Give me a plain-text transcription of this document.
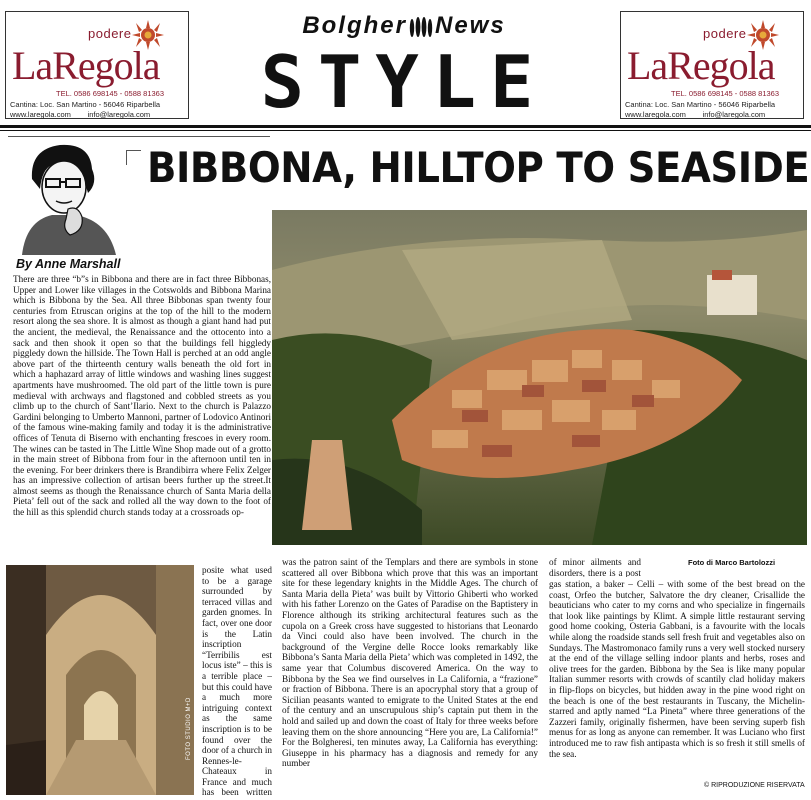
podere
LaRegola
TEL. 0586 698145 - 0588 81363
Cantina: Loc. San Martino - 56046 Riparbella
www.laregola.com info@laregola.com
podere
LaRegola
TEL. 0586 698145 - 0588 81363
Cantina: Loc. San Martino - 56046 Riparbella
www.laregola.com info@laregola.com
Bolgher News
STYLE
BIBBONA, HILLTOP TO SEASIDE
By Anne Marshall
Foto di Marco Bartolozzi

There are three “b”s in Bibbona and there are in fact three Bibbonas, Upper and Lower like villages in the Cotswolds and Bibbona Marina which is Bibbona by the Sea. All three Bibbonas span twenty four centuries from Etruscan origins at the top of the hill to the modern resort along the sea shore. It is almost as though a giant hand had put the ancient, the medieval, the Renaissance and the ottocento into a sack and then shook it open so that the buildings fell higgledy piggledy down the hillside. The Town Hall is perched at an odd angle above part of the thirteenth century walls beneath the old fort in which a haphazard array of little windows and washing lines suggest apartments have mushroomed. The old part of the little town is pure medieval with archways and flagstoned and cobbled streets as you climb up to the church of Sant’Ilario. Next to the church is Palazzo Gardini belonging to Umberto Mannoni, partner of Lodovico Antinori of the famous wine-making family and today it is the administrative offices of Tenuta di Biserno with enchanting frescoes in every room. The wines can be tasted in The Little Wine Shop made out of a grotto in the main street of Bibbona from four in the afternoon until ten in the evening. For beer drinkers there is Brandibirra where Felix Zelger has an impressive collection of artisan beers further up the street.It almost seems as though the Renaissance church of Santa Maria della Pieta’ fell out of the sack and rolled all the way down to the foot of the hill as this splendid church stands today at a crossroads op-

FOTO STUDIO M+D

posite what used to be a garage surrounded by terraced villas and garden gnomes. In fact, over one door is the Latin inscription “Terribilis est locus iste” – this is a terrible place – but this could have a much more intriguing context as the same inscription is to be found over the door of a church in Rennes-le-Chateaux in France and much has been written

was the patron saint of the Templars and there are symbols in stone scattered all over Bibbona which prove that this was an important site for these legendary knights in the Middle Ages. The church of Santa Maria della Pieta’ was built by Vittorio Ghiberti who worked with his father Lorenzo on the Gates of Paradise on the Baptistery in Florence although its striking architectural features such as the cupola on a Greek cross have suggested to historians that Leonardo da Vinci could also have been involved. The church in the background of the Vergine delle Rocce looks remarkably like Bibbona’s Santa Maria della Pieta’ which was completed in 1492, the same year that Columbus discovered America. On the way to Bibbona by the Sea we find ourselves in La California, a “frazione” or fraction of Bibbona. There is an apocryphal story that a group of Sicilian peasants wanted to emigrate to the United States at the end of the century and an unscrupulous ship’s captain put them in the hold and sailed up and down the coast of Italy for three weeks before leaving them on the shore announcing “Here you are, La California!” For the Bolgheresi, ten minutes away, La California has everything: Giuseppe in his pharmacy has a diagnosis and remedy for any number

of minor ailments and disorders, there is a post

gas station, a baker – Celli – with some of the best bread on the coast, Orfeo the butcher, Salvatore the dry cleaner, Crisallide the beauticians who cater to my corns and who specialize in fingernails that look like paintings by Klimt. A simple little restaurant serving good home cooking, Osteria Gabbani, is a favourite with the locals while along the roadside stands sell fresh fruit and vegetables also on Sundays. The Mastromonaco family runs a very well stocked nursery at the end of the village selling indoor plants and herbs, roses and olive trees for the garden. Bibbona by the Sea is like many popular Italian summer resorts with crowds of scantily clad holiday makers in flip-flops on bicycles, but hidden away in the pine wood right on the beach is one of the best restaurants in Tuscany, the Michelin-starred and aptly named “La Pineta” where three generations of the Zazzeri family, originally fishermen, have been serving superb fish menus for as long as anyone can remember. It was Luciano who first introduced me to raw fish antipasta which is so fresh it still smells of the sea.

© RIPRODUZIONE RISERVATA
